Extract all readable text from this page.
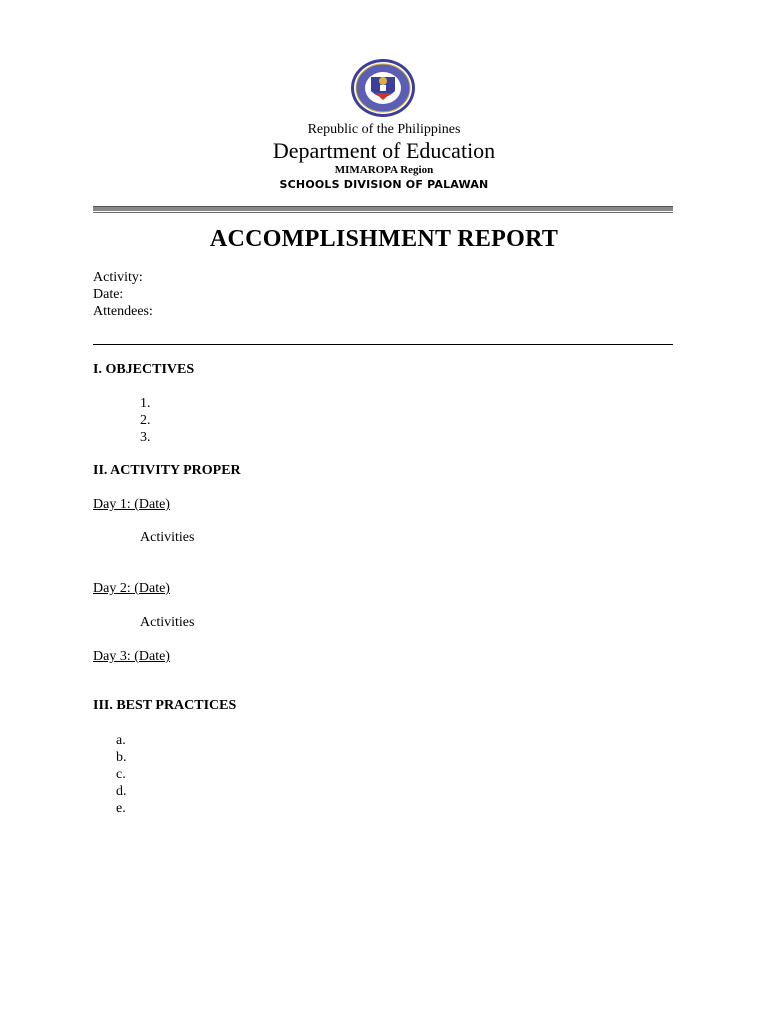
Republic of the Philippines
Department of Education
MIMAROPA Region
SCHOOLS DIVISION OF PALAWAN
ACCOMPLISHMENT REPORT
Activity:
Date:
Attendees:
I. OBJECTIVES
1.
2.
3.
II. ACTIVITY PROPER
Day 1: (Date)
Activities
Day 2: (Date)
Activities
Day 3: (Date)
III. BEST PRACTICES
a.
b.
c.
d.
e.
